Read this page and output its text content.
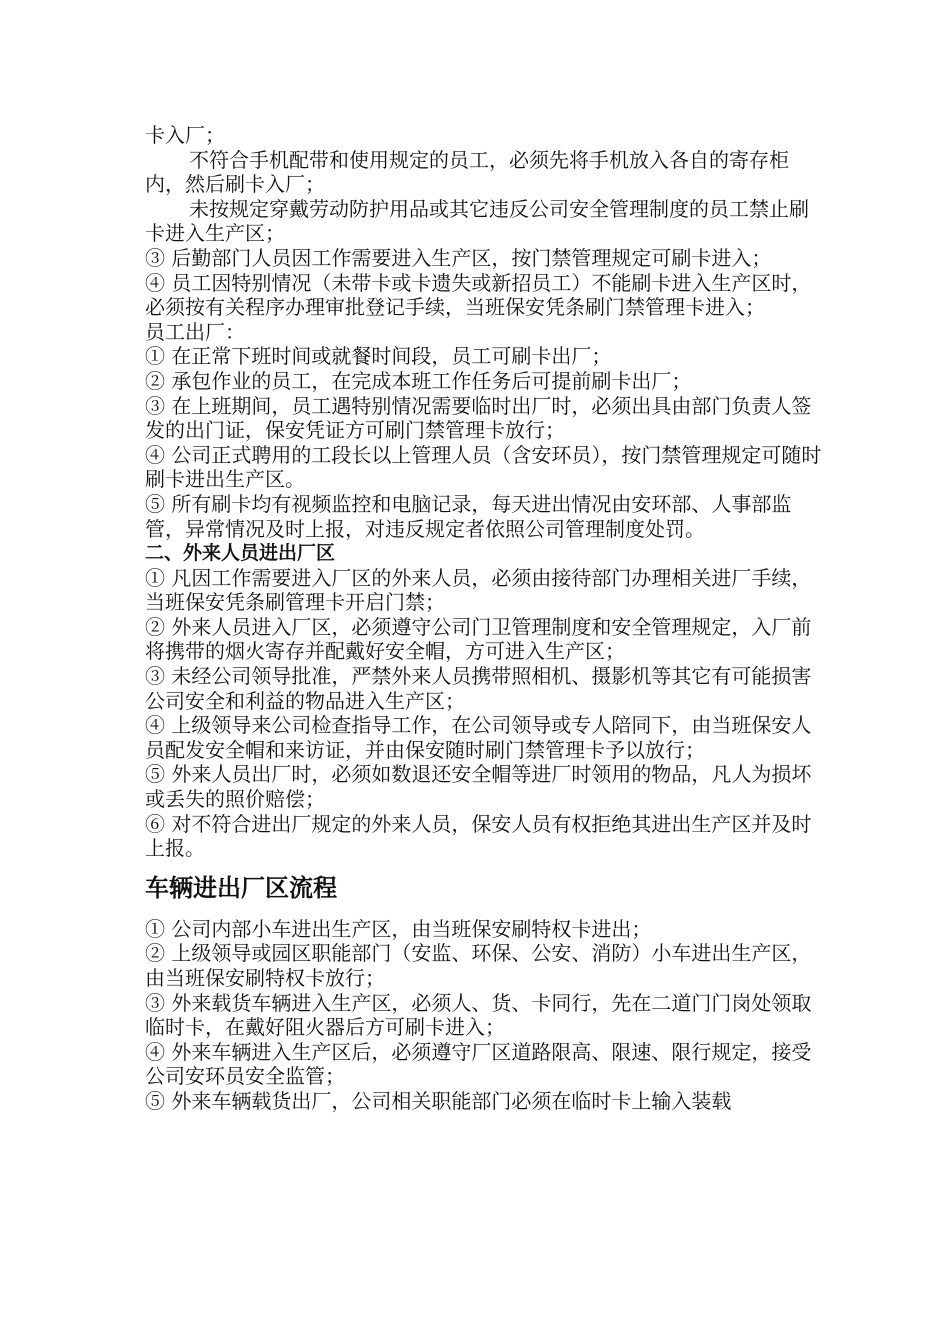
卡入厂；

不符合手机配带和使用规定的员工，必须先将手机放入各自的寄存柜内，然后刷卡入厂；

未按规定穿戴劳动防护用品或其它违反公司安全管理制度的员工禁止刷卡进入生产区；

③ 后勤部门人员因工作需要进入生产区，按门禁管理规定可刷卡进入；

④ 员工因特别情况（未带卡或卡遗失或新招员工）不能刷卡进入生产区时，必须按有关程序办理审批登记手续，当班保安凭条刷门禁管理卡进入；

员工出厂：

① 在正常下班时间或就餐时间段，员工可刷卡出厂；

② 承包作业的员工，在完成本班工作任务后可提前刷卡出厂；

③ 在上班期间，员工遇特别情况需要临时出厂时，必须出具由部门负责人签发的出门证，保安凭证方可刷门禁管理卡放行；

④ 公司正式聘用的工段长以上管理人员（含安环员），按门禁管理规定可随时刷卡进出生产区。

⑤ 所有刷卡均有视频监控和电脑记录，每天进出情况由安环部、人事部监管，异常情况及时上报，对违反规定者依照公司管理制度处罚。

二、外来人员进出厂区

① 凡因工作需要进入厂区的外来人员，必须由接待部门办理相关进厂手续，当班保安凭条刷管理卡开启门禁；

② 外来人员进入厂区，必须遵守公司门卫管理制度和安全管理规定，入厂前将携带的烟火寄存并配戴好安全帽，方可进入生产区；

③ 未经公司领导批准，严禁外来人员携带照相机、摄影机等其它有可能损害公司安全和利益的物品进入生产区；

④ 上级领导来公司检查指导工作，在公司领导或专人陪同下，由当班保安人员配发安全帽和来访证，并由保安随时刷门禁管理卡予以放行；

⑤ 外来人员出厂时，必须如数退还安全帽等进厂时领用的物品，凡人为损坏或丢失的照价赔偿；

⑥ 对不符合进出厂规定的外来人员，保安人员有权拒绝其进出生产区并及时上报。

车辆进出厂区流程

① 公司内部小车进出生产区，由当班保安刷特权卡进出；

② 上级领导或园区职能部门（安监、环保、公安、消防）小车进出生产区，由当班保安刷特权卡放行；

③ 外来载货车辆进入生产区，必须人、货、卡同行，先在二道门门岗处领取临时卡，在戴好阻火器后方可刷卡进入；

④ 外来车辆进入生产区后，必须遵守厂区道路限高、限速、限行规定，接受公司安环员安全监管；

⑤ 外来车辆载货出厂，公司相关职能部门必须在临时卡上输入装载
